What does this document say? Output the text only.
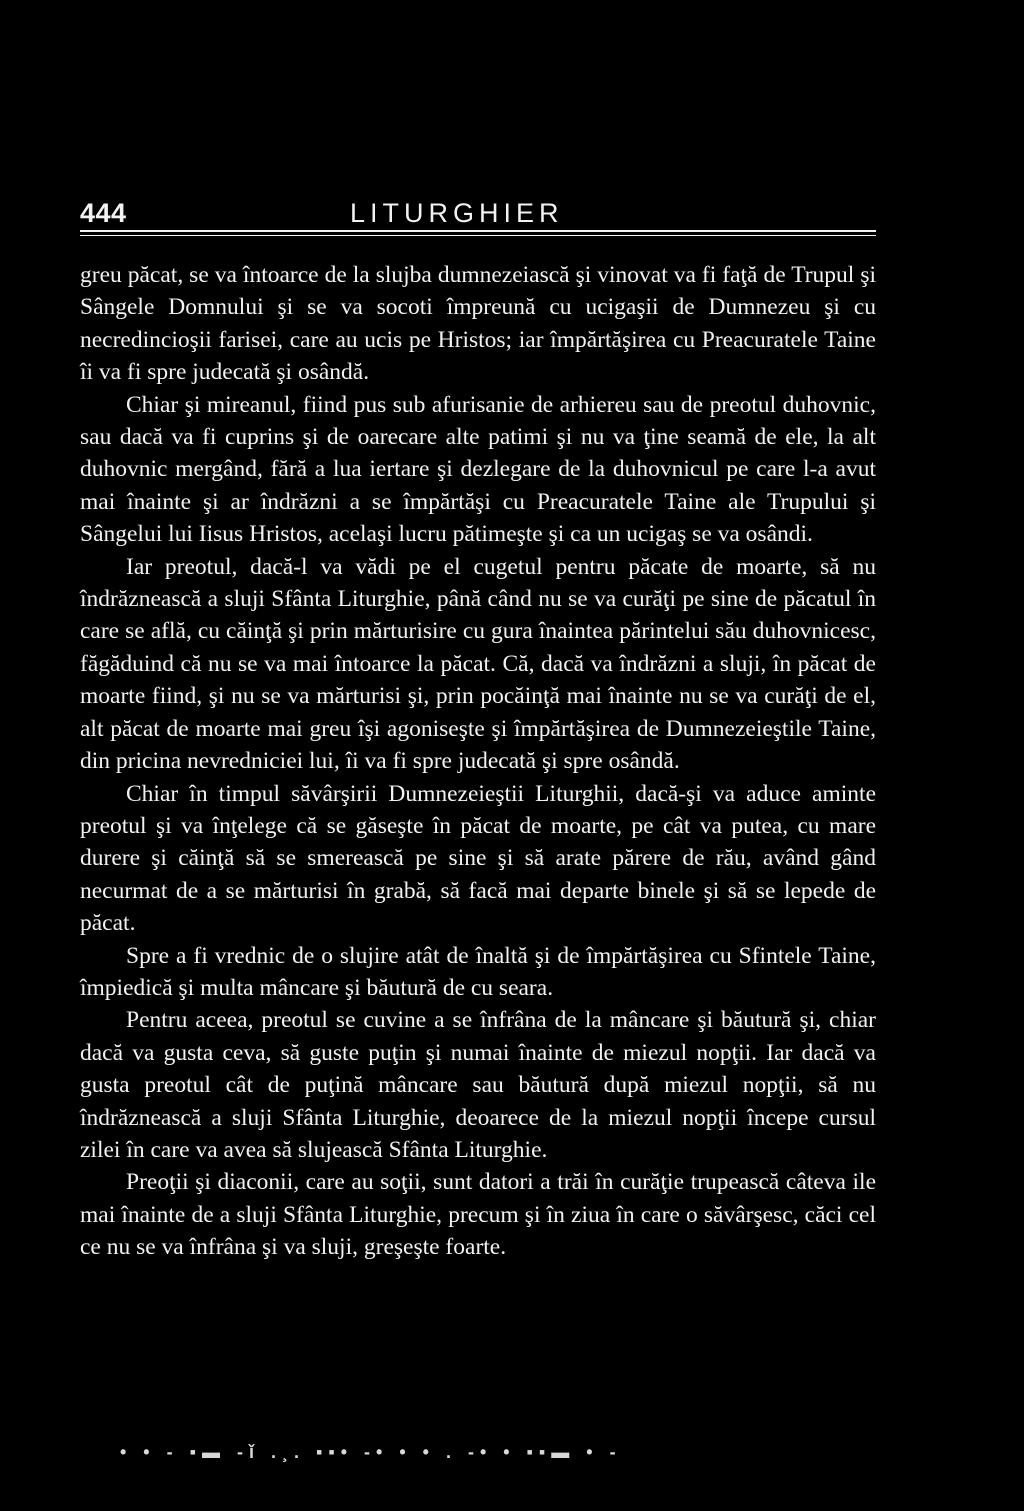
444	LITURGHIER

greu păcat, se va întoarce de la slujba dumnezeiască şi vinovat va fi faţă de Trupul şi Sângele Domnului şi se va socoti împreună cu ucigaşii de Dumnezeu şi cu necredincioşii farisei, care au ucis pe Hristos; iar împărtăşirea cu Preacuratele Taine îi va fi spre judecată şi osândă.

Chiar şi mireanul, fiind pus sub afurisanie de arhiereu sau de preotul duhovnic, sau dacă va fi cuprins şi de oarecare alte patimi şi nu va ţine seamă de ele, la alt duhovnic mergând, fără a lua iertare şi dezlegare de la duhovnicul pe care l-a avut mai înainte şi ar îndrăzni a se împărtăşi cu Preacuratele Taine ale Trupului şi Sângelui lui Iisus Hristos, acelaşi lucru pătimeşte şi ca un ucigaş se va osândi.

Iar preotul, dacă-l va vădi pe el cugetul pentru păcate de moarte, să nu îndrăznească a sluji Sfânta Liturghie, până când nu se va curăţi pe sine de păcatul în care se află, cu căinţă şi prin mărturisire cu gura înaintea părintelui său duhovnicesc, făgăduind că nu se va mai întoarce la păcat. Că, dacă va îndrăzni a sluji, în păcat de moarte fiind, şi nu se va mărturisi şi, prin pocăinţă mai înainte nu se va curăţi de el, alt păcat de moarte mai greu îşi agoniseşte şi împărtăşirea de Dumnezeieştile Taine, din pricina nevredniciei lui, îi va fi spre judecată şi spre osândă.

Chiar în timpul săvârşirii Dumnezeieştii Liturghii, dacă-şi va aduce aminte preotul şi va înţelege că se găseşte în păcat de moarte, pe cât va putea, cu mare durere şi căinţă să se smerească pe sine şi să arate părere de rău, având gând necurmat de a se mărturisi în grabă, să facă mai departe binele şi să se lepede de păcat.

Spre a fi vrednic de o slujire atât de înaltă şi de împărtăşirea cu Sfintele Taine, împiedică şi multa mâncare şi băutură de cu seara.

Pentru aceea, preotul se cuvine a se înfrâna de la mâncare şi băutură şi, chiar dacă va gusta ceva, să guste puţin şi numai înainte de miezul nopţii. Iar dacă va gusta preotul cât de puţină mâncare sau băutură după miezul nopţii, să nu îndrăznească a sluji Sfânta Liturghie, deoarece de la miezul nopţii începe cursul zilei în care va avea să slujească Sfânta Liturghie.

Preoţii şi diaconii, care au soţii, sunt datori a trăi în curăţie trupească câteva ile mai înainte de a sluji Sfânta Liturghie, precum şi în ziua în care o săvârşesc, căci cel ce nu se va înfrâna şi va sluji, greşeşte foarte.

• • - ▪▬ -ǐ .¸. ▪▪• -• • • . -• • ▪▪▬ • -
